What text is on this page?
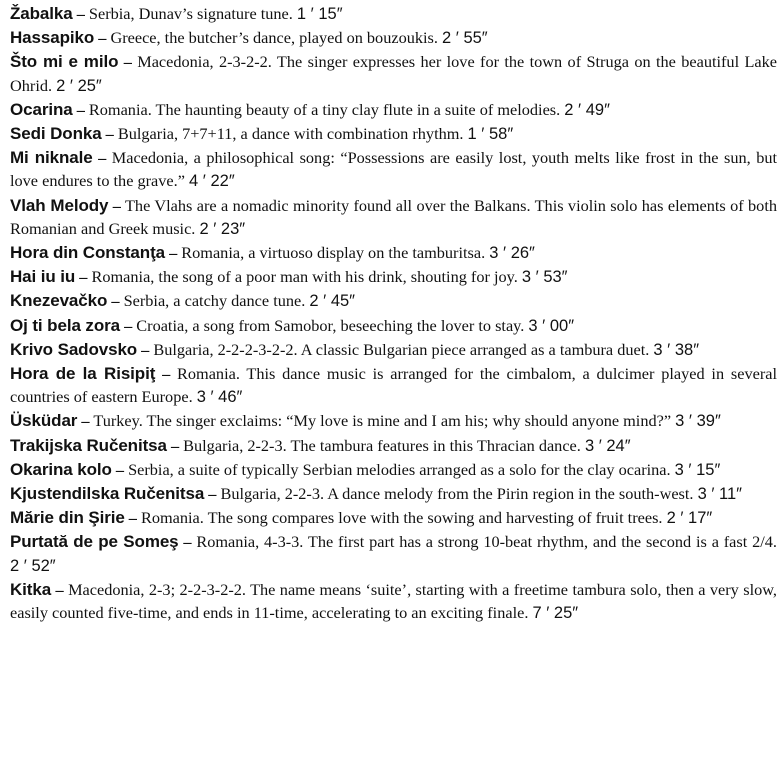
Žabalka – Serbia, Dunav’s signature tune. 1 ′ 15″

Hassapiko – Greece, the butcher’s dance, played on bouzoukis. 2 ′ 55″

Što mi e milo – Macedonia, 2-3-2-2. The singer expresses her love for the town of Struga on the beautiful Lake Ohrid. 2 ′ 25″

Ocarina – Romania. The haunting beauty of a tiny clay flute in a suite of melodies. 2 ′ 49″

Sedi Donka – Bulgaria, 7+7+11, a dance with combination rhythm. 1 ′ 58″

Mi niknale – Macedonia, a philosophical song: “Possessions are easily lost, youth melts like frost in the sun, but love endures to the grave.” 4 ′ 22″

Vlah Melody – The Vlahs are a nomadic minority found all over the Balkans. This violin solo has elements of both Romanian and Greek music. 2 ′ 23″

Hora din Constanţa – Romania, a virtuoso display on the tamburitsa. 3 ′ 26″

Hai iu iu – Romania, the song of a poor man with his drink, shouting for joy. 3 ′ 53″

Knezevačko – Serbia, a catchy dance tune. 2 ′ 45″

Oj ti bela zora – Croatia, a song from Samobor, beseeching the lover to stay. 3 ′ 00″

Krivo Sadovsko – Bulgaria, 2-2-2-3-2-2. A classic Bulgarian piece arranged as a tambura duet. 3 ′ 38″

Hora de la Risipiţ – Romania. This dance music is arranged for the cimbalom, a dulcimer played in several countries of eastern Europe. 3 ′ 46″

Üsküdar – Turkey. The singer exclaims: “My love is mine and I am his; why should anyone mind?” 3 ′ 39″

Trakijska Ručenitsa – Bulgaria, 2-2-3. The tambura features in this Thracian dance. 3 ′ 24″

Okarina kolo – Serbia, a suite of typically Serbian melodies arranged as a solo for the clay ocarina. 3 ′ 15″

Kjustendilska Ručenitsa – Bulgaria, 2-2-3. A dance melody from the Pirin region in the south-west. 3 ′ 11″

Mărie din Şirie – Romania. The song compares love with the sowing and harvesting of fruit trees. 2 ′ 17″

Purtată de pe Someş – Romania, 4-3-3. The first part has a strong 10-beat rhythm, and the second is a fast 2/4. 2 ′ 52″

Kitka – Macedonia, 2-3; 2-2-3-2-2. The name means ‘suite’, starting with a freetime tambura solo, then a very slow, easily counted five-time, and ends in 11-time, accelerating to an exciting finale. 7 ′ 25″
